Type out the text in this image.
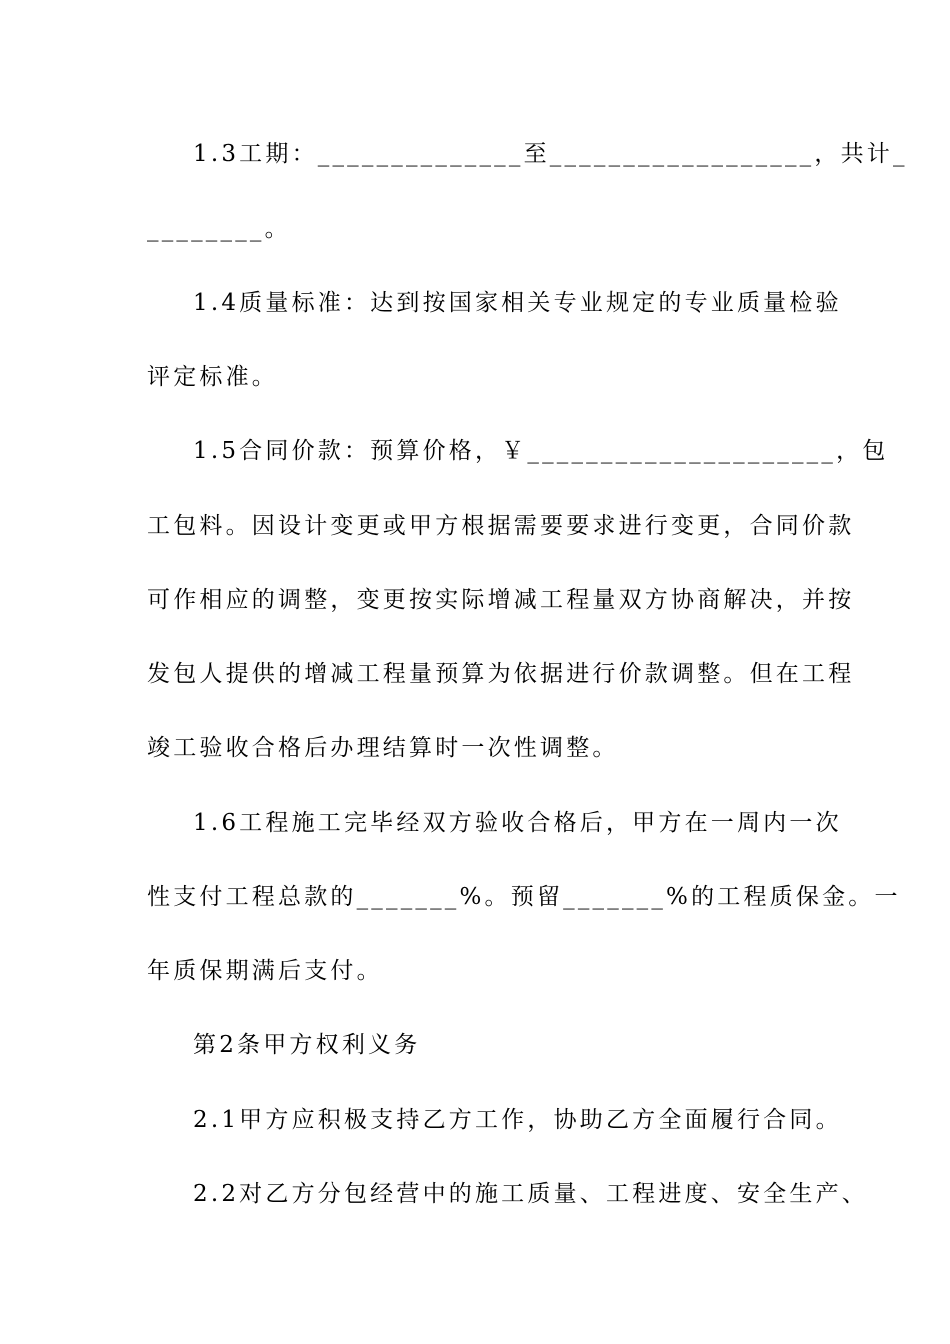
1.3工期：______________至__________________，共计_
________。
1.4质量标准：达到按国家相关专业规定的专业质量检验
评定标准。
1.5合同价款：预算价格，￥_____________________，包
工包料。因设计变更或甲方根据需要要求进行变更，合同价款
可作相应的调整，变更按实际增减工程量双方协商解决，并按
发包人提供的增减工程量预算为依据进行价款调整。但在工程
竣工验收合格后办理结算时一次性调整。
1.6工程施工完毕经双方验收合格后，甲方在一周内一次
性支付工程总款的_______%。预留_______%的工程质保金。一
年质保期满后支付。
第2条甲方权利义务
2.1甲方应积极支持乙方工作，协助乙方全面履行合同。
2.2对乙方分包经营中的施工质量、工程进度、安全生产、
